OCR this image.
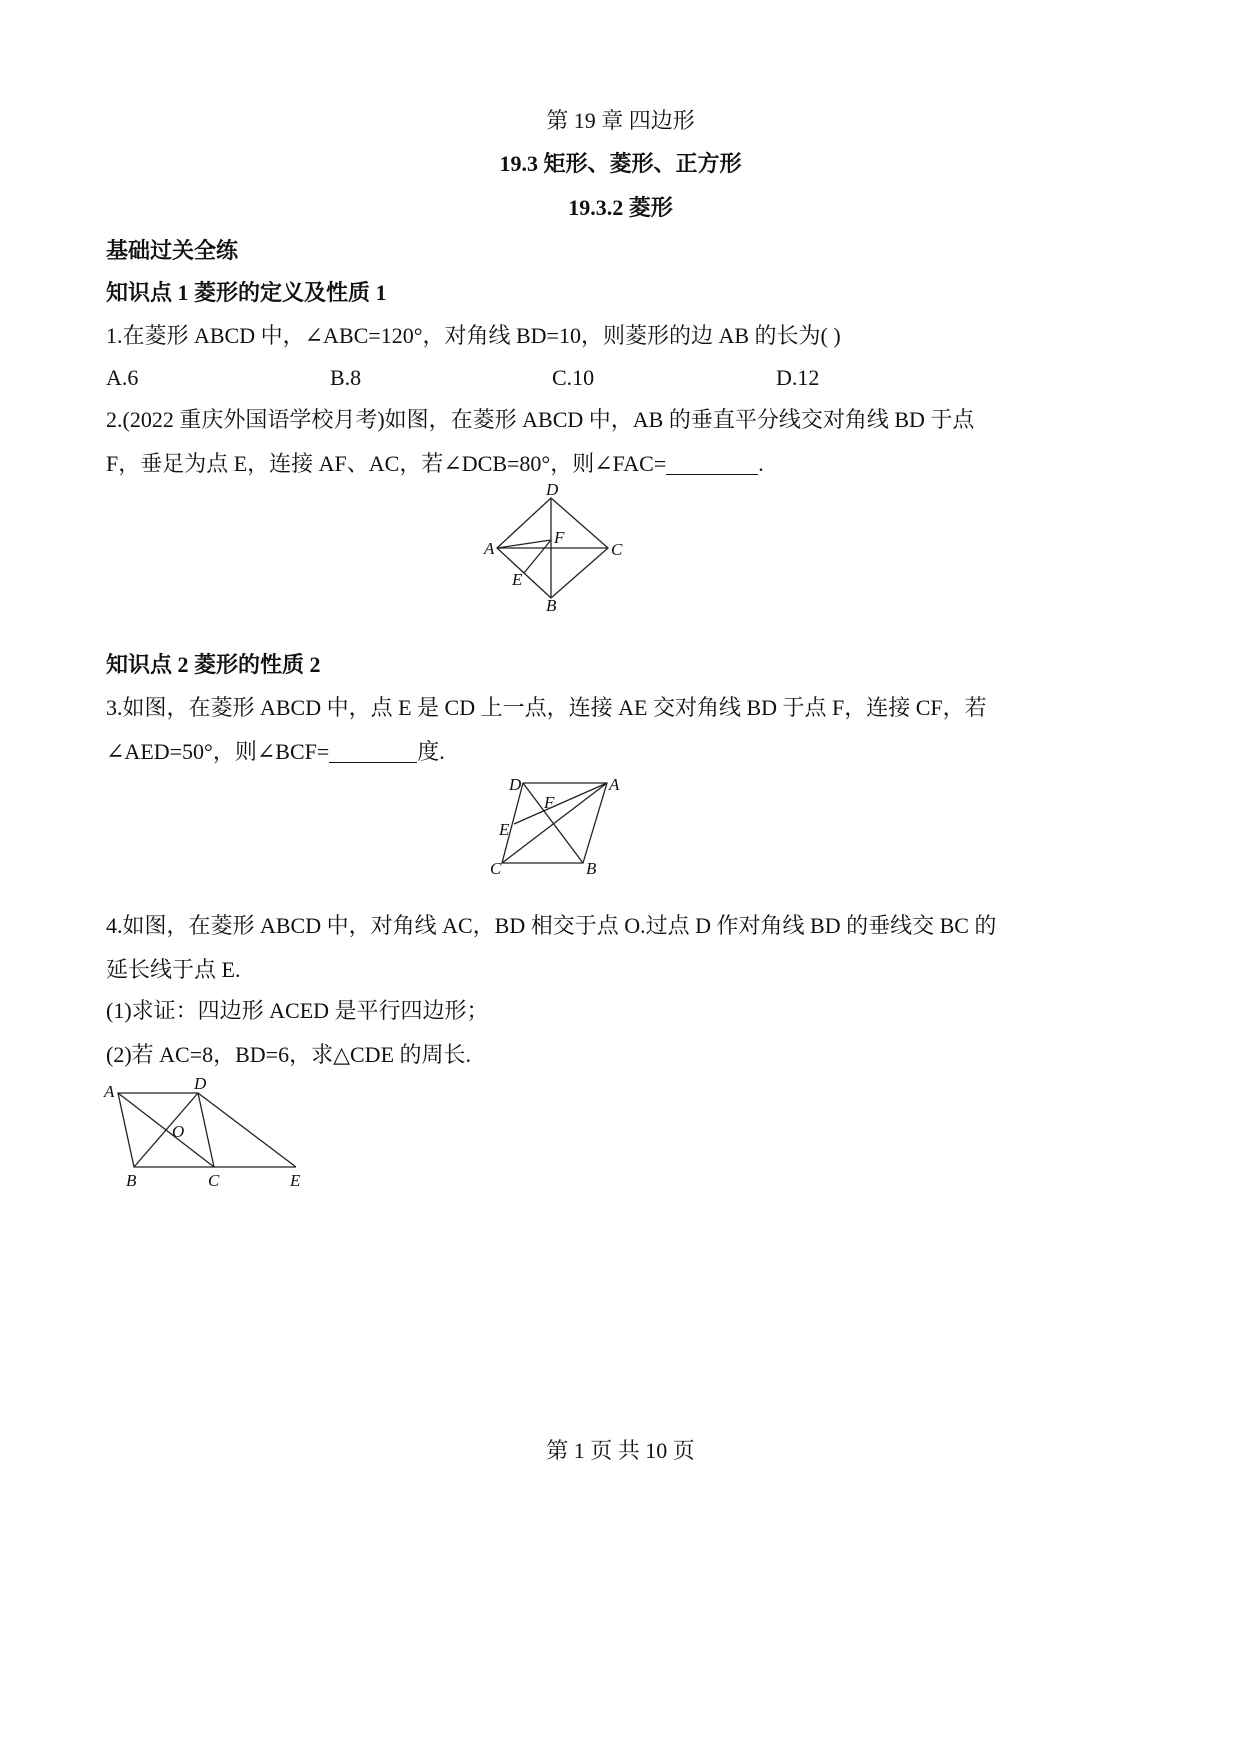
第 19 章 四边形
19.3 矩形、菱形、正方形
19.3.2 菱形
基础过关全练
知识点 1 菱形的定义及性质 1
1.在菱形 ABCD 中，∠ABC=120°，对角线 BD=10，则菱形的边 AB 的长为( )
A.6	B.8	C.10	D.12
2.(2022 重庆外国语学校月考)如图，在菱形 ABCD 中，AB 的垂直平分线交对角线 BD 于点
F，垂足为点 E，连接 AF、AC，若∠DCB=80°，则∠FAC=	.
D
A	C
F
E
B
知识点 2 菱形的性质 2
3.如图，在菱形 ABCD 中，点 E 是 CD 上一点，连接 AE 交对角线 BD 于点 F，连接 CF，若
∠AED=50°，则∠BCF=	度.
D	A
F
E
C	B
4.如图，在菱形 ABCD 中，对角线 AC，BD 相交于点 O.过点 D 作对角线 BD 的垂线交 BC 的
延长线于点 E.
(1)求证：四边形 ACED 是平行四边形；
(2)若 AC=8，BD=6，求△CDE 的周长.
A	D
O
B	C	E
第 1 页 共 10 页
